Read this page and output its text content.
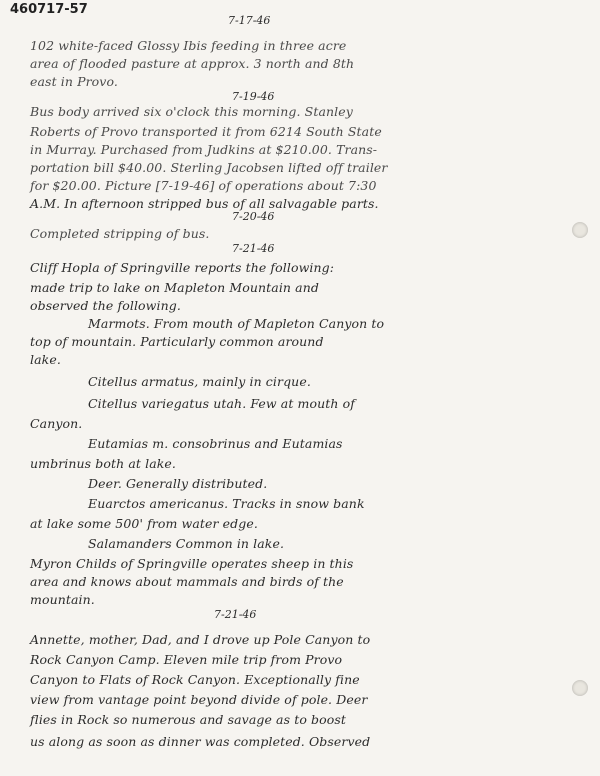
460717-57
7-17-46
102 white-faced Glossy Ibis feeding in three acre
area of flooded pasture at approx. 3 north and 8th
east in Provo.
7-19-46
Bus body arrived six o'clock this morning. Stanley
Roberts of Provo transported it from 6214 South State
in Murray. Purchased from Judkins at $210.00. Trans-
portation bill $40.00. Sterling Jacobsen lifted off trailer
for $20.00. Picture [7-19-46] of operations about 7:30
A.M. In afternoon stripped bus of all salvagable parts.
7-20-46
Completed stripping of bus.
7-21-46
Cliff Hopla of Springville reports the following:
made trip to lake on Mapleton Mountain and
observed the following.
Marmots. From mouth of Mapleton Canyon to
top of mountain. Particularly common around
lake.
Citellus armatus, mainly in cirque.
Citellus variegatus utah. Few at mouth of
Canyon.
Eutamias m. consobrinus and Eutamias
umbrinus both at lake.
Deer. Generally distributed.
Euarctos americanus. Tracks in snow bank
at lake some 500' from water edge.
Salamanders Common in lake.
Myron Childs of Springville operates sheep in this
area and knows about mammals and birds of the
mountain.
7-21-46
Annette, mother, Dad, and I drove up Pole Canyon to
Rock Canyon Camp. Eleven mile trip from Provo
Canyon to Flats of Rock Canyon. Exceptionally fine
view from vantage point beyond divide of pole. Deer
flies in Rock so numerous and savage as to boost
us along as soon as dinner was completed. Observed
